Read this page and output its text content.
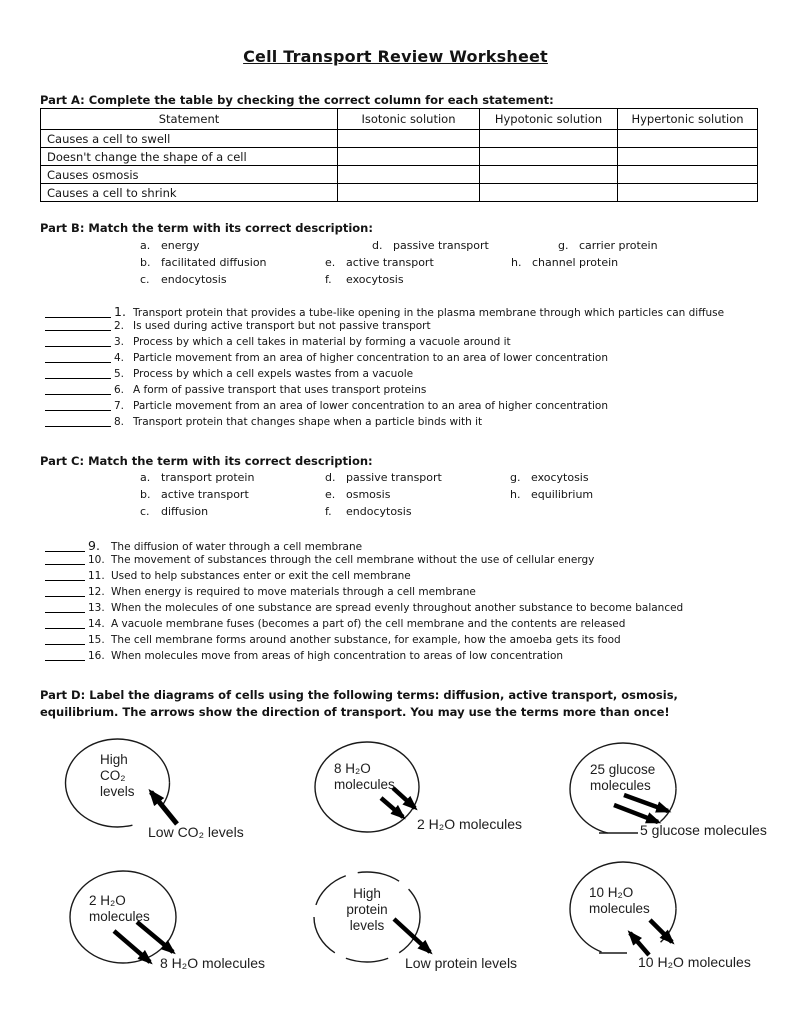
Cell Transport Review Worksheet
Part A: Complete the table by checking the correct column for each statement:
Statement	Isotonic solution	Hypotonic solution	Hypertonic solution
Causes a cell to swell			
Doesn't change the shape of a cell			
Causes osmosis			
Causes a cell to shrink			
Part B: Match the term with its correct description:
a. energy	d. passive transport	g. carrier protein
b. facilitated diffusion	e. active transport	h. channel protein
c. endocytosis	f. exocytosis
1. Transport protein that provides a tube-like opening in the plasma membrane through which particles can diffuse
2. Is used during active transport but not passive transport
3. Process by which a cell takes in material by forming a vacuole around it
4. Particle movement from an area of higher concentration to an area of lower concentration
5. Process by which a cell expels wastes from a vacuole
6. A form of passive transport that uses transport proteins
7. Particle movement from an area of lower concentration to an area of higher concentration
8. Transport protein that changes shape when a particle binds with it
Part C: Match the term with its correct description:
a. transport protein	d. passive transport	g. exocytosis
b. active transport	e. osmosis	h. equilibrium
c. diffusion	f. endocytosis
9. The diffusion of water through a cell membrane
10. The movement of substances through the cell membrane without the use of cellular energy
11. Used to help substances enter or exit the cell membrane
12. When energy is required to move materials through a cell membrane
13. When the molecules of one substance are spread evenly throughout another substance to become balanced
14. A vacuole membrane fuses (becomes a part of) the cell membrane and the contents are released
15. The cell membrane forms around another substance, for example, how the amoeba gets its food
16. When molecules move from areas of high concentration to areas of low concentration
Part D: Label the diagrams of cells using the following terms: diffusion, active transport, osmosis,
equilibrium. The arrows show the direction of transport. You may use the terms more than once!
High
CO₂
levels
Low CO₂ levels
8 H₂O
molecules
2 H₂O molecules
25 glucose
molecules
5 glucose molecules
2 H₂O
molecules
8 H₂O molecules
High
protein
levels
Low protein levels
10 H₂O
molecules
10 H₂O molecules
